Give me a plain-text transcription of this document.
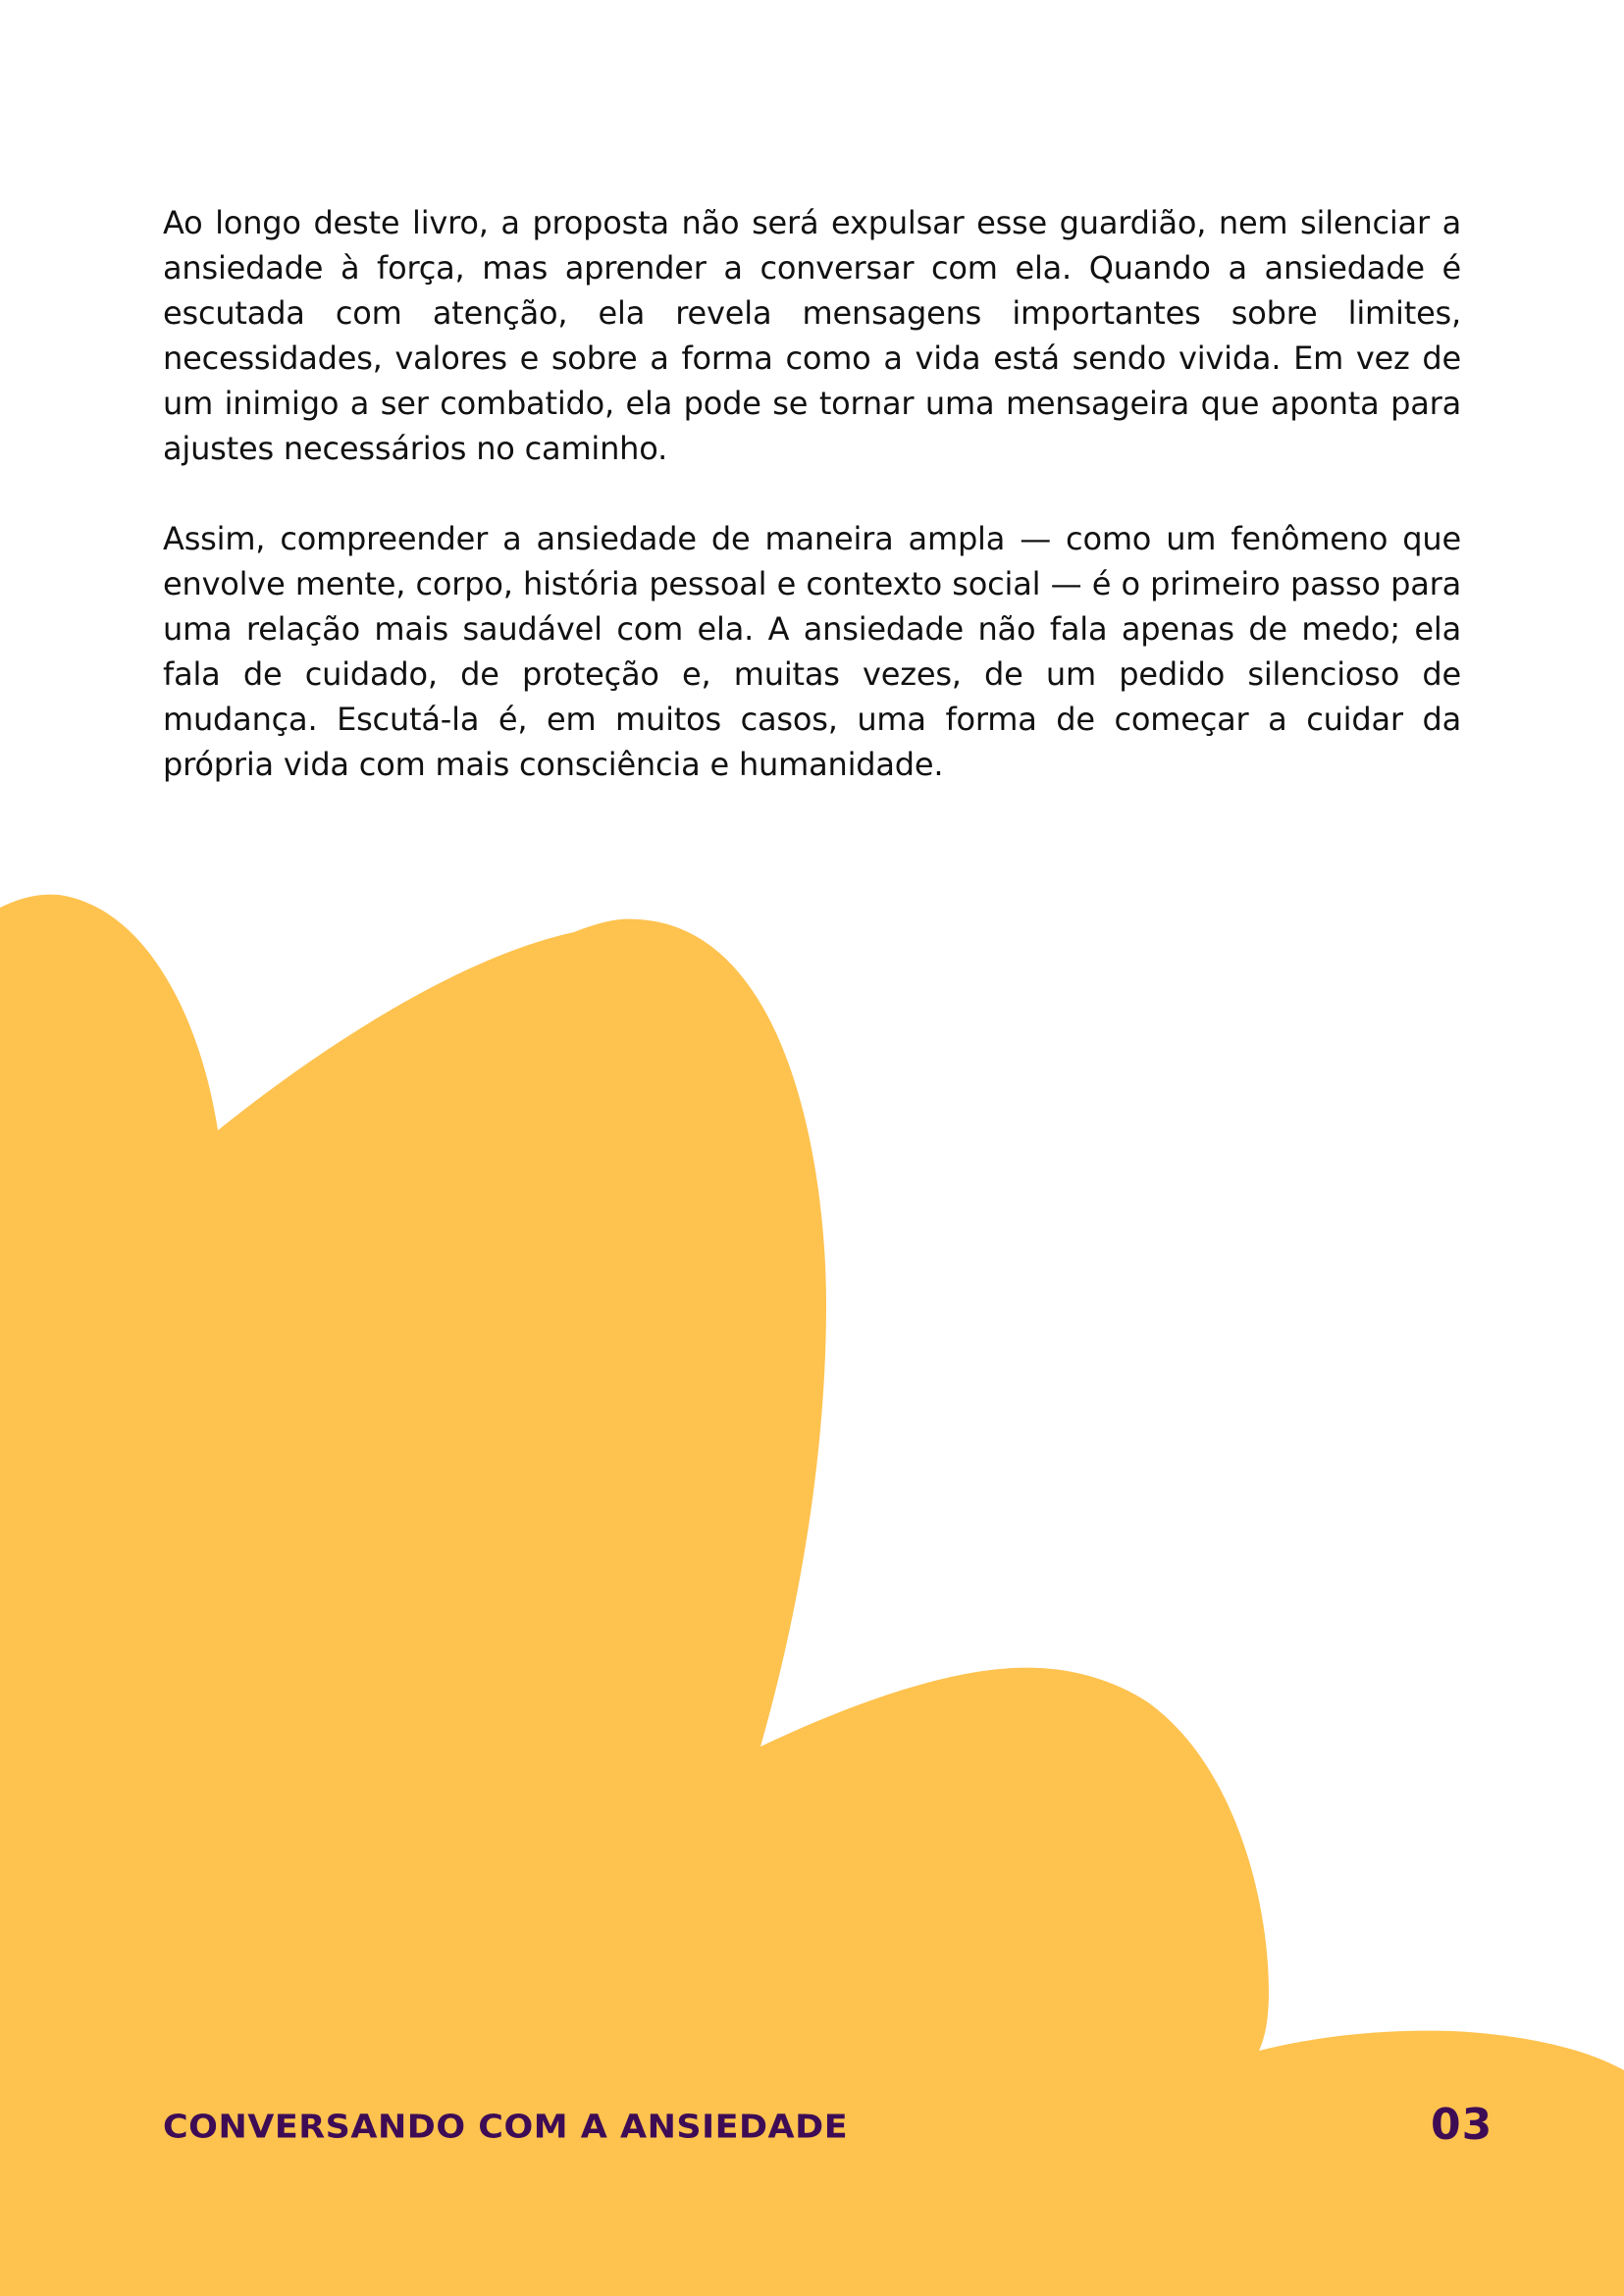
Ao longo deste livro, a proposta não será expulsar esse guardião, nem silenciar a ansiedade à força, mas aprender a conversar com ela. Quando a ansiedade é escutada com atenção, ela revela mensagens importantes sobre limites, necessidades, valores e sobre a forma como a vida está sendo vivida. Em vez de um inimigo a ser combatido, ela pode se tornar uma mensageira que aponta para ajustes necessários no caminho.

Assim, compreender a ansiedade de maneira ampla — como um fenômeno que envolve mente, corpo, história pessoal e contexto social — é o primeiro passo para uma relação mais saudável com ela. A ansiedade não fala apenas de medo; ela fala de cuidado, de proteção e, muitas vezes, de um pedido silencioso de mudança. Escutá-la é, em muitos casos, uma forma de começar a cuidar da própria vida com mais consciência e humanidade.

CONVERSANDO COM A ANSIEDADE	03
